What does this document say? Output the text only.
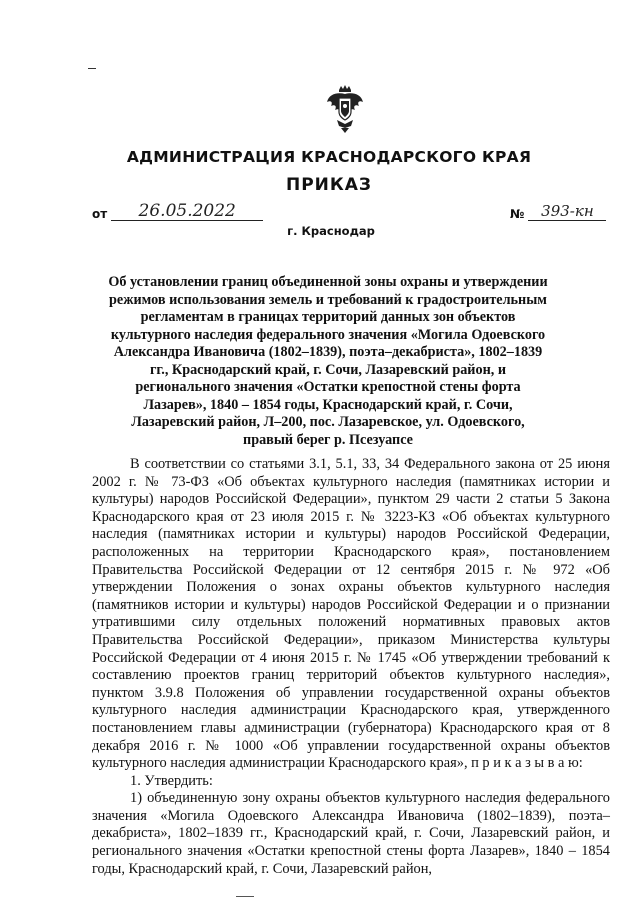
АДМИНИСТРАЦИЯ КРАСНОДАРСКОГО КРАЯ
ПРИКАЗ
от 26.05.2022	№ 393-кн
г. Краснодар

Об установлении границ объединенной зоны охраны и утверждении режимов использования земель и требований к градостроительным регламентам в границах территорий данных зон объектов культурного наследия федерального значения «Могила Одоевского Александра Ивановича (1802–1839), поэта–декабриста», 1802–1839 гг., Краснодарский край, г. Сочи, Лазаревский район, и регионального значения «Остатки крепостной стены форта Лазарев», 1840 – 1854 годы, Краснодарский край, г. Сочи, Лазаревский район, Л–200, пос. Лазаревское, ул. Одоевского, правый берег р. Псезуапсе

В соответствии со статьями 3.1, 5.1, 33, 34 Федерального закона от 25 июня 2002 г. № 73-ФЗ «Об объектах культурного наследия (памятниках истории и культуры) народов Российской Федерации», пунктом 29 части 2 статьи 5 Закона Краснодарского края от 23 июля 2015 г. № 3223-КЗ «Об объектах культурного наследия (памятниках истории и культуры) народов Российской Федерации, расположенных на территории Краснодарского края», постановлением Правительства Российской Федерации от 12 сентября 2015 г. № 972 «Об утверждении Положения о зонах охраны объектов культурного наследия (памятников истории и культуры) народов Российской Федерации и о признании утратившими силу отдельных положений нормативных правовых актов Правительства Российской Федерации», приказом Министерства культуры Российской Федерации от 4 июня 2015 г. № 1745 «Об утверждении требований к составлению проектов границ территорий объектов культурного наследия», пунктом 3.9.8 Положения об управлении государственной охраны объектов культурного наследия администрации Краснодарского края, утвержденного постановлением главы администрации (губернатора) Краснодарского края от 8 декабря 2016 г. № 1000 «Об управлении государственной охраны объектов культурного наследия администрации Краснодарского края», п р и к а з ы в а ю:

1. Утвердить:

1) объединенную зону охраны объектов культурного наследия федерального значения «Могила Одоевского Александра Ивановича (1802–1839), поэта–декабриста», 1802–1839 гг., Краснодарский край, г. Сочи, Лазаревский район, и регионального значения «Остатки крепостной стены форта Лазарев», 1840 – 1854 годы, Краснодарский край, г. Сочи, Лазаревский район,
